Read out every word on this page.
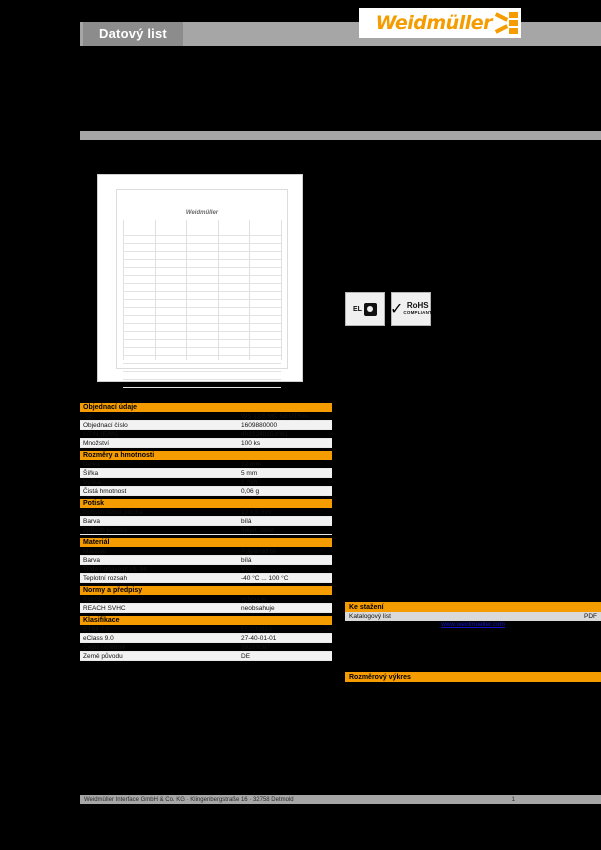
Datový list	Weidmüller
WS 12/5 MC NEUTRAL
Označovač, Označovací štítek, 12 x 5 mm, Potisknutelná plocha: 12 x 5 mm, bílá
1609880000
Weidmüller
EL ✓ RoHS
COMPLIANT
Objednací údaje
Typ	WS 12/5 MC NEUTRAL
Objednací číslo	1609880000
GTIN (EAN)	4032248153091
Množství	100 ks
Rozměry a hmotnosti
Délka	12 mm
Šířka	5 mm
Výška	1 mm
Čistá hmotnost	0,06 g
Potisk
Potisknutelná plocha	12 x 5 mm
Barva	bílá
Způsob potisku	Inkjet, laser
Materiál
Materiál	Polyamid 66
Barva	bílá
Třída hořlavosti UL 94	V-0
Teplotní rozsah	-40 °C ... 100 °C
Normy a předpisy
RoHS	vyhovuje
REACH SVHC	neobsahuje
Klasifikace
ETIM 7.0	EC000963
eClass 9.0	27-40-01-01
Celní sazebník	39269097
Země původu	DE
Ke stažení
Katalogový list	PDF
www.weidmueller.com
Rozměrový výkres
Weidmüller Interface GmbH & Co. KG · Klingenbergstraße 16 · 32758 Detmold	1
